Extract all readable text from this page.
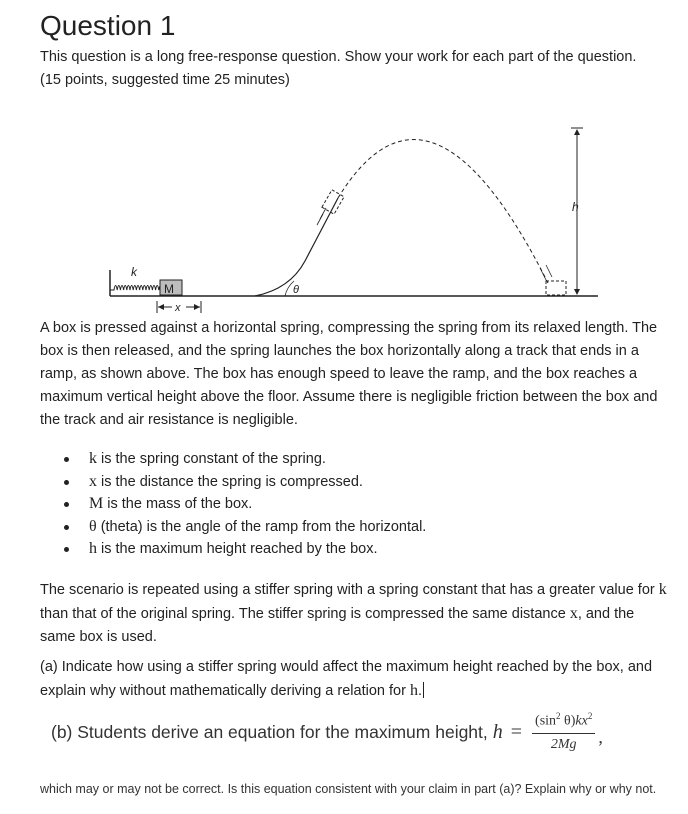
Question 1

This question is a long free-response question. Show your work for each part of the question. (15 points, suggested time 25 minutes)

k
M	θ
h
x

A box is pressed against a horizontal spring, compressing the spring from its relaxed length. The box is then released, and the spring launches the box horizontally along a track that ends in a ramp, as shown above. The box has enough speed to leave the ramp, and the box reaches a maximum vertical height above the floor. Assume there is negligible friction between the box and the track and air resistance is negligible.

k is the spring constant of the spring.
x is the distance the spring is compressed.
M is the mass of the box.
θ (theta) is the angle of the ramp from the horizontal.
h is the maximum height reached by the box.

The scenario is repeated using a stiffer spring with a spring constant that has a greater value for k than that of the original spring. The stiffer spring is compressed the same distance x, and the same box is used.

(a) Indicate how using a stiffer spring would affect the maximum height reached by the box, and explain why without mathematically deriving a relation for h.

(b) Students derive an equation for the maximum height, $h = \frac{(\sin^2 \theta)kx^2}{2Mg}$ ,

which may or may not be correct. Is this equation consistent with your claim in part (a)? Explain why or why not.
